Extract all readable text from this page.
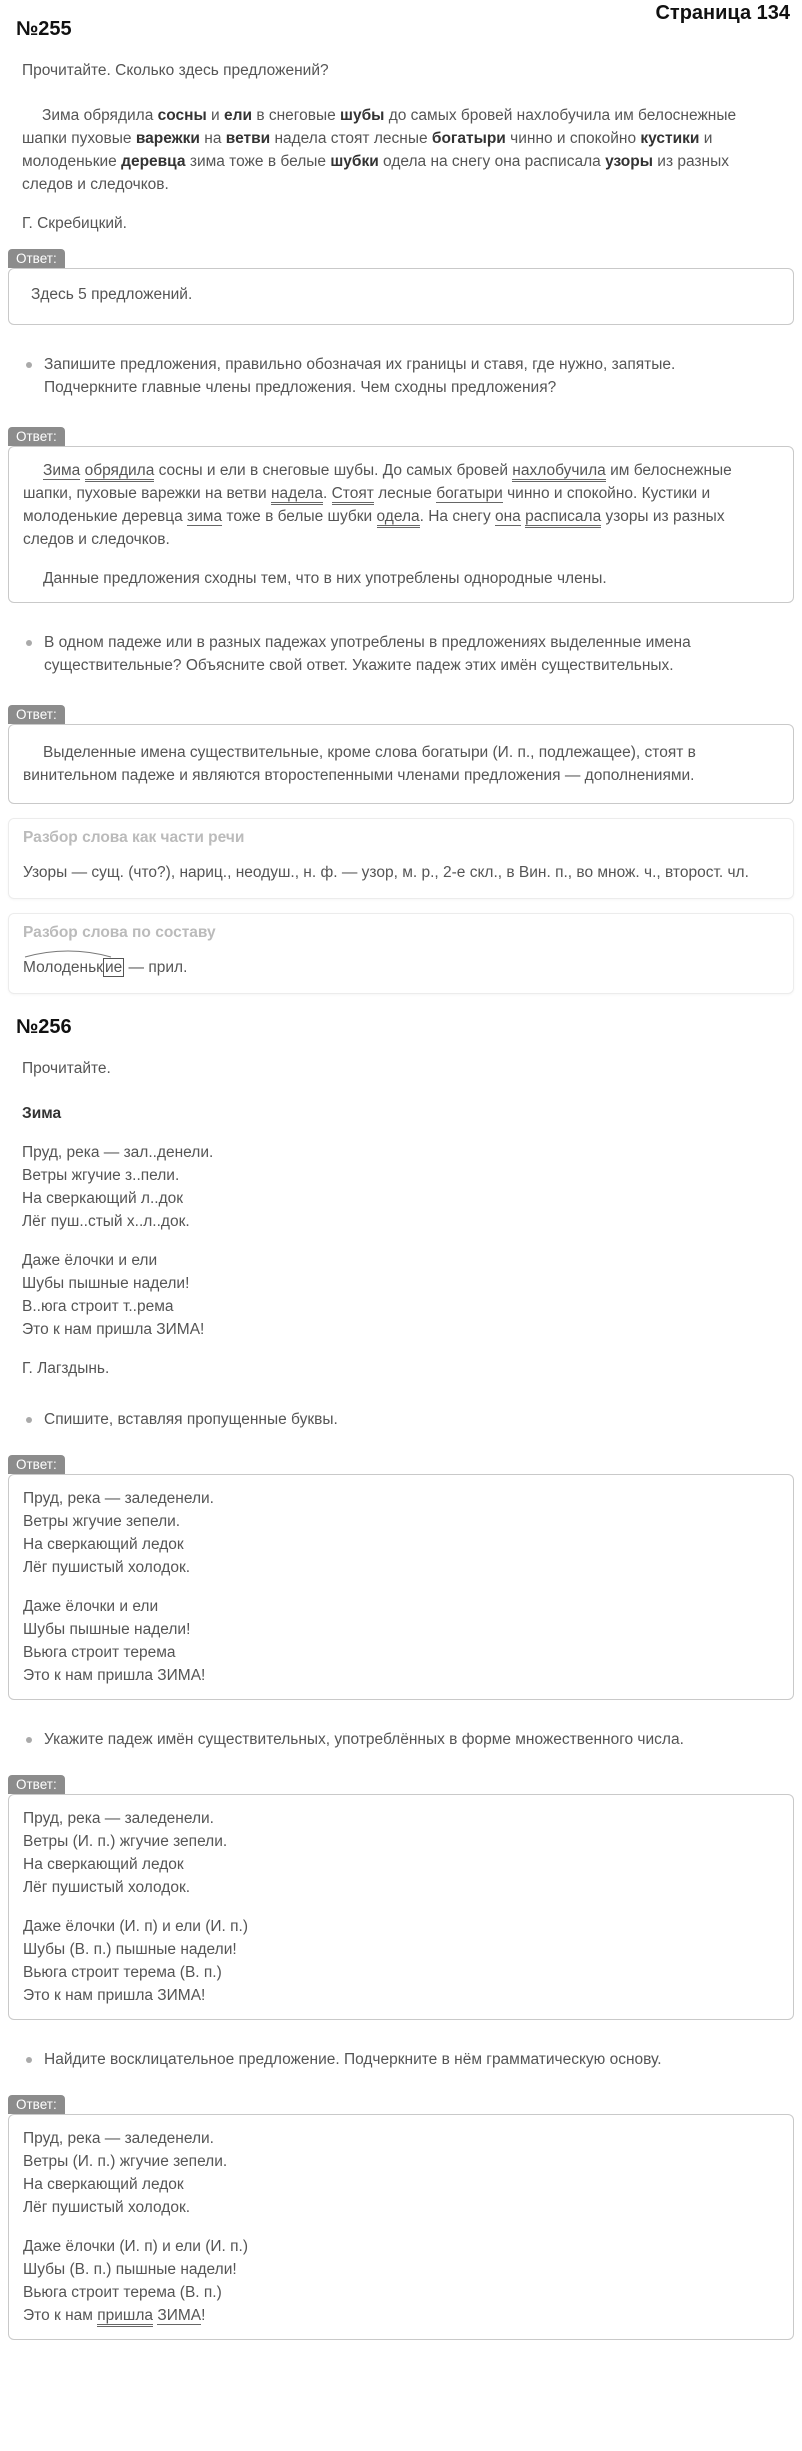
Страница 134
№255

Прочитайте. Сколько здесь предложений?

Зима обрядила сосны и ели в снеговые шубы до самых бровей нахлобучила им белоснежные шапки пуховые варежки на ветви надела стоят лесные богатыри чинно и спокойно кустики и молоденькие деревца зима тоже в белые шубки одела на снегу она расписала узоры из разных следов и следочков.

Г. Скребицкий.

Ответ:

Здесь 5 предложений.

Запишите предложения, правильно обозначая их границы и ставя, где нужно, запятые. Подчеркните главные члены предложения. Чем сходны предложения?

Ответ:

Зима обрядила сосны и ели в снеговые шубы. До самых бровей нахлобучила им белоснежные шапки, пуховые варежки на ветви надела. Стоят лесные богатыри чинно и спокойно. Кустики и молоденькие деревца зима тоже в белые шубки одела. На снегу она расписала узоры из разных следов и следочков.

Данные предложения сходны тем, что в них употреблены однородные члены.

В одном падеже или в разных падежах употреблены в предложениях выделенные имена существительные? Объясните свой ответ. Укажите падеж этих имён существительных.

Ответ:

Выделенные имена существительные, кроме слова богатыри (И. п., подлежащее), стоят в винительном падеже и являются второстепенными членами предложения — дополнениями.

Разбор слова как части речи

Узоры — сущ. (что?), нариц., неодуш., н. ф. — узор, м. р., 2-е скл., в Вин. п., во множ. ч., второст. чл.

Разбор слова по составу

Молоденьк ие — прил.

№256

Прочитайте.

Зима

Пруд, река — зал..денели.

Ветры жгучие з..пели.

На сверкающий л..док

Лёг пуш..стый х..л..док.

Даже ёлочки и ели

Шубы пышные надели!

В..юга строит т..рема

Это к нам пришла ЗИМА!

Г. Лагздынь.

Спишите, вставляя пропущенные буквы.

Ответ:

Пруд, река — заледенели.

Ветры жгучие зепели.

На сверкающий ледок

Лёг пушистый холодок.

Даже ёлочки и ели

Шубы пышные надели!

Вьюга строит терема

Это к нам пришла ЗИМА!

Укажите падеж имён существительных, употреблённых в форме множественного числа.

Ответ:

Пруд, река — заледенели.

Ветры (И. п.) жгучие зепели.

На сверкающий ледок

Лёг пушистый холодок.

Даже ёлочки (И. п) и ели (И. п.)

Шубы (В. п.) пышные надели!

Вьюга строит терема (В. п.)

Это к нам пришла ЗИМА!

Найдите восклицательное предложение. Подчеркните в нём грамматическую основу.

Ответ:

Пруд, река — заледенели.

Ветры (И. п.) жгучие зепели.

На сверкающий ледок

Лёг пушистый холодок.

Даже ёлочки (И. п) и ели (И. п.)

Шубы (В. п.) пышные надели!

Вьюга строит терема (В. п.)

Это к нам пришла ЗИМА!
